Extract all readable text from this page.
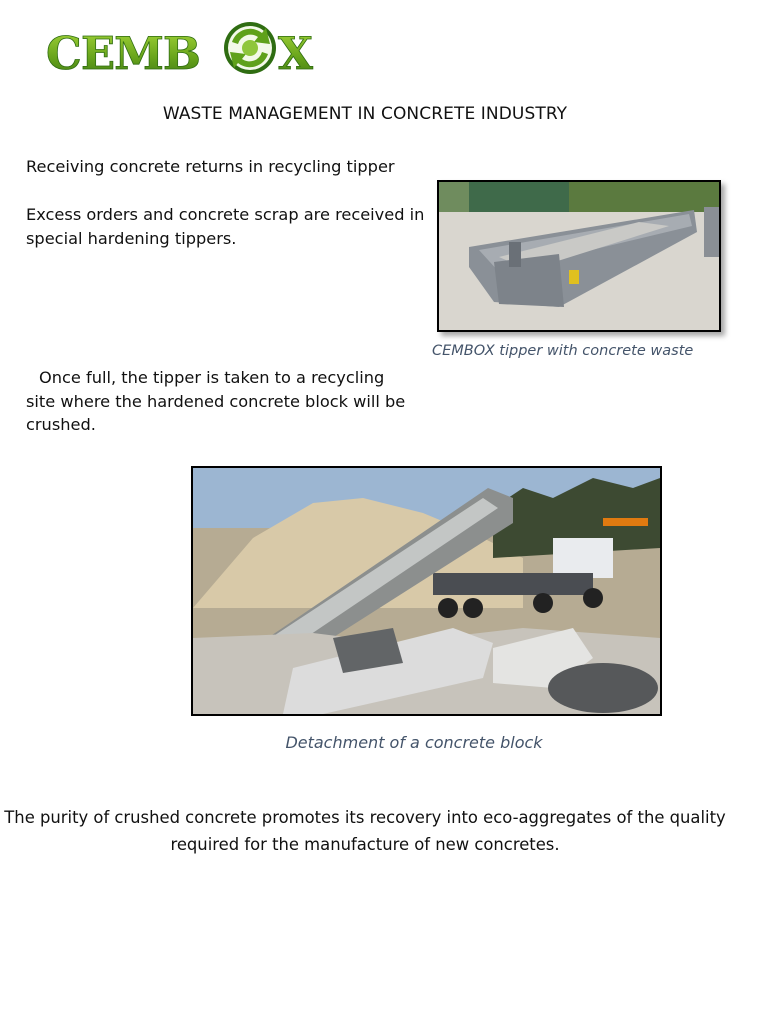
CEMB X
WASTE MANAGEMENT IN CONCRETE INDUSTRY
Receiving concrete returns in recycling tipper
Excess orders and concrete scrap are received in special hardening tippers.
CEMBOX tipper with concrete waste
Once full, the tipper is taken to a recycling site where the hardened concrete block will be crushed.
Detachment of a concrete block
The purity of crushed concrete promotes its recovery into eco-aggregates of the quality required for the manufacture of new concretes.
